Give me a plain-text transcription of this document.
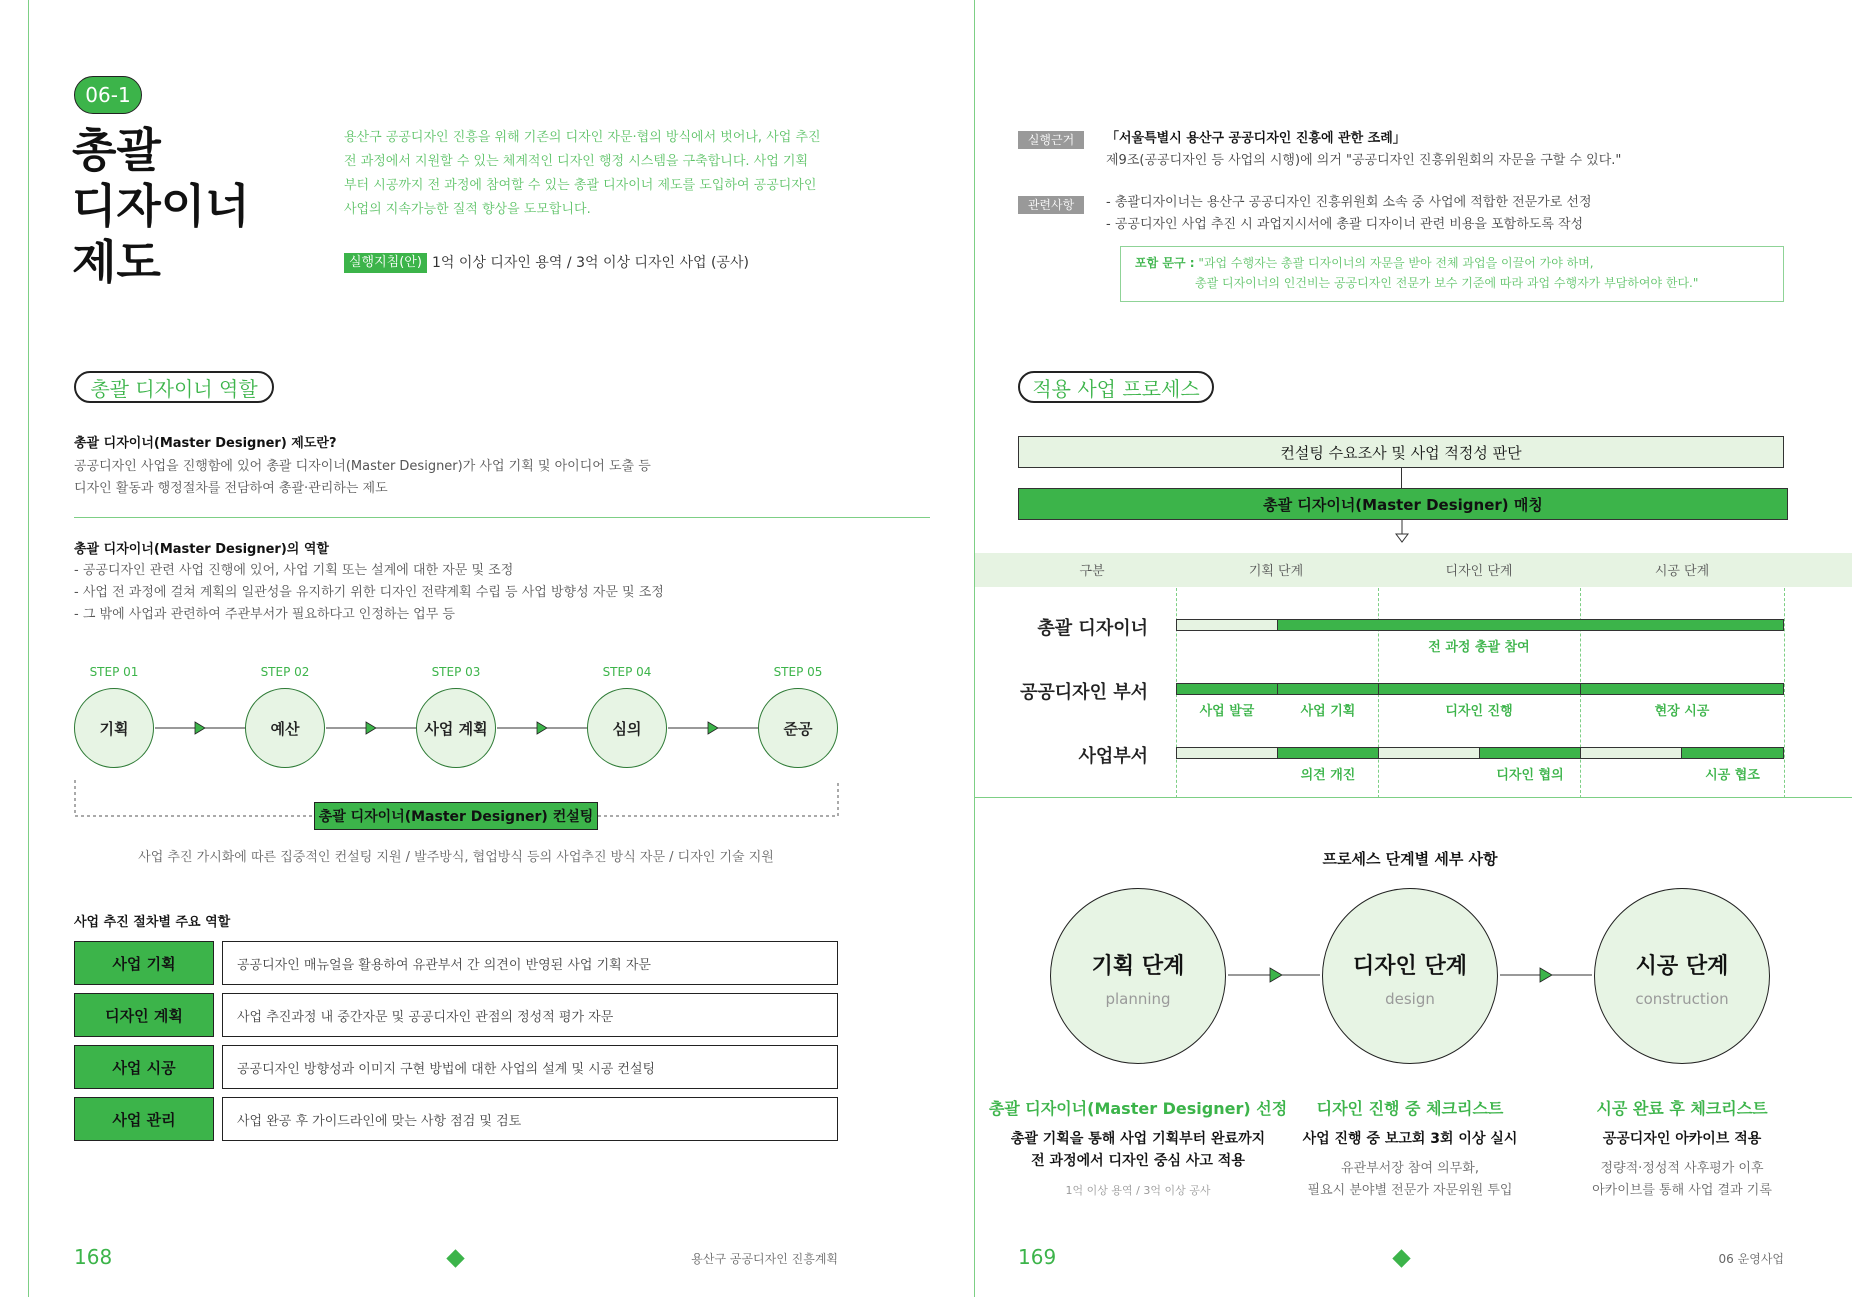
06-1
총괄
디자이너
제도
용산구 공공디자인 진흥을 위해 기존의 디자인 자문·협의 방식에서 벗어나, 사업 추진
전 과정에서 지원할 수 있는 체계적인 디자인 행정 시스템을 구축합니다. 사업 기획
부터 시공까지 전 과정에 참여할 수 있는 총괄 디자이너 제도를 도입하여 공공디자인
사업의 지속가능한 질적 향상을 도모합니다.
실행지침(안) 1억 이상 디자인 용역 / 3억 이상 디자인 사업 (공사)
총괄 디자이너 역할
총괄 디자이너(Master Designer) 제도란?
공공디자인 사업을 진행함에 있어 총괄 디자이너(Master Designer)가 사업 기획 및 아이디어 도출 등
디자인 활동과 행정절차를 전담하여 총괄·관리하는 제도
총괄 디자이너(Master Designer)의 역할
- 공공디자인 관련 사업 진행에 있어, 사업 기획 또는 설계에 대한 자문 및 조정
- 사업 전 과정에 걸쳐 계획의 일관성을 유지하기 위한 디자인 전략계획 수립 등 사업 방향성 자문 및 조정
- 그 밖에 사업과 관련하여 주관부서가 필요하다고 인정하는 업무 등
STEP 01	STEP 02	STEP 03	STEP 04	STEP 05
기획	예산	사업 계획	심의	준공
총괄 디자이너(Master Designer) 컨설팅
사업 추진 가시화에 따른 집중적인 컨설팅 지원 / 발주방식, 협업방식 등의 사업추진 방식 자문 / 디자인 기술 지원
사업 추진 절차별 주요 역할
사업 기획	공공디자인 매뉴얼을 활용하여 유관부서 간 의견이 반영된 사업 기획 자문
디자인 계획	사업 추진과정 내 중간자문 및 공공디자인 관점의 정성적 평가 자문
사업 시공	공공디자인 방향성과 이미지 구현 방법에 대한 사업의 설계 및 시공 컨설팅
사업 관리	사업 완공 후 가이드라인에 맞는 사항 점검 및 검토
168	용산구 공공디자인 진흥계획
실행근거	「서울특별시 용산구 공공디자인 진흥에 관한 조례」
제9조(공공디자인 등 사업의 시행)에 의거 "공공디자인 진흥위원회의 자문을 구할 수 있다."
관련사항	- 총괄디자이너는 용산구 공공디자인 진흥위원회 소속 중 사업에 적합한 전문가로 선정
- 공공디자인 사업 추진 시 과업지시서에 총괄 디자이너 관련 비용을 포함하도록 작성
포함 문구 : "과업 수행자는 총괄 디자이너의 자문을 받아 전체 과업을 이끌어 가야 하며,
총괄 디자이너의 인건비는 공공디자인 전문가 보수 기준에 따라 과업 수행자가 부담하여야 한다."
적용 사업 프로세스
컨설팅 수요조사 및 사업 적정성 판단
총괄 디자이너(Master Designer) 매칭
구분	기획 단계	디자인 단계	시공 단계
총괄 디자이너
전 과정 총괄 참여
공공디자인 부서
사업 발굴	사업 기획	디자인 진행	현장 시공
사업부서
의견 개진	디자인 협의	시공 협조
프로세스 단계별 세부 사항
기획 단계
planning
디자인 단계
design
시공 단계
construction
총괄 디자이너(Master Designer) 선정
총괄 기획을 통해 사업 기획부터 완료까지
전 과정에서 디자인 중심 사고 적용
1억 이상 용역 / 3억 이상 공사
디자인 진행 중 체크리스트
사업 진행 중 보고회 3회 이상 실시
유관부서장 참여 의무화,
필요시 분야별 전문가 자문위원 투입
시공 완료 후 체크리스트
공공디자인 아카이브 적용
정량적·정성적 사후평가 이후
아카이브를 통해 사업 결과 기록
169	06 운영사업
